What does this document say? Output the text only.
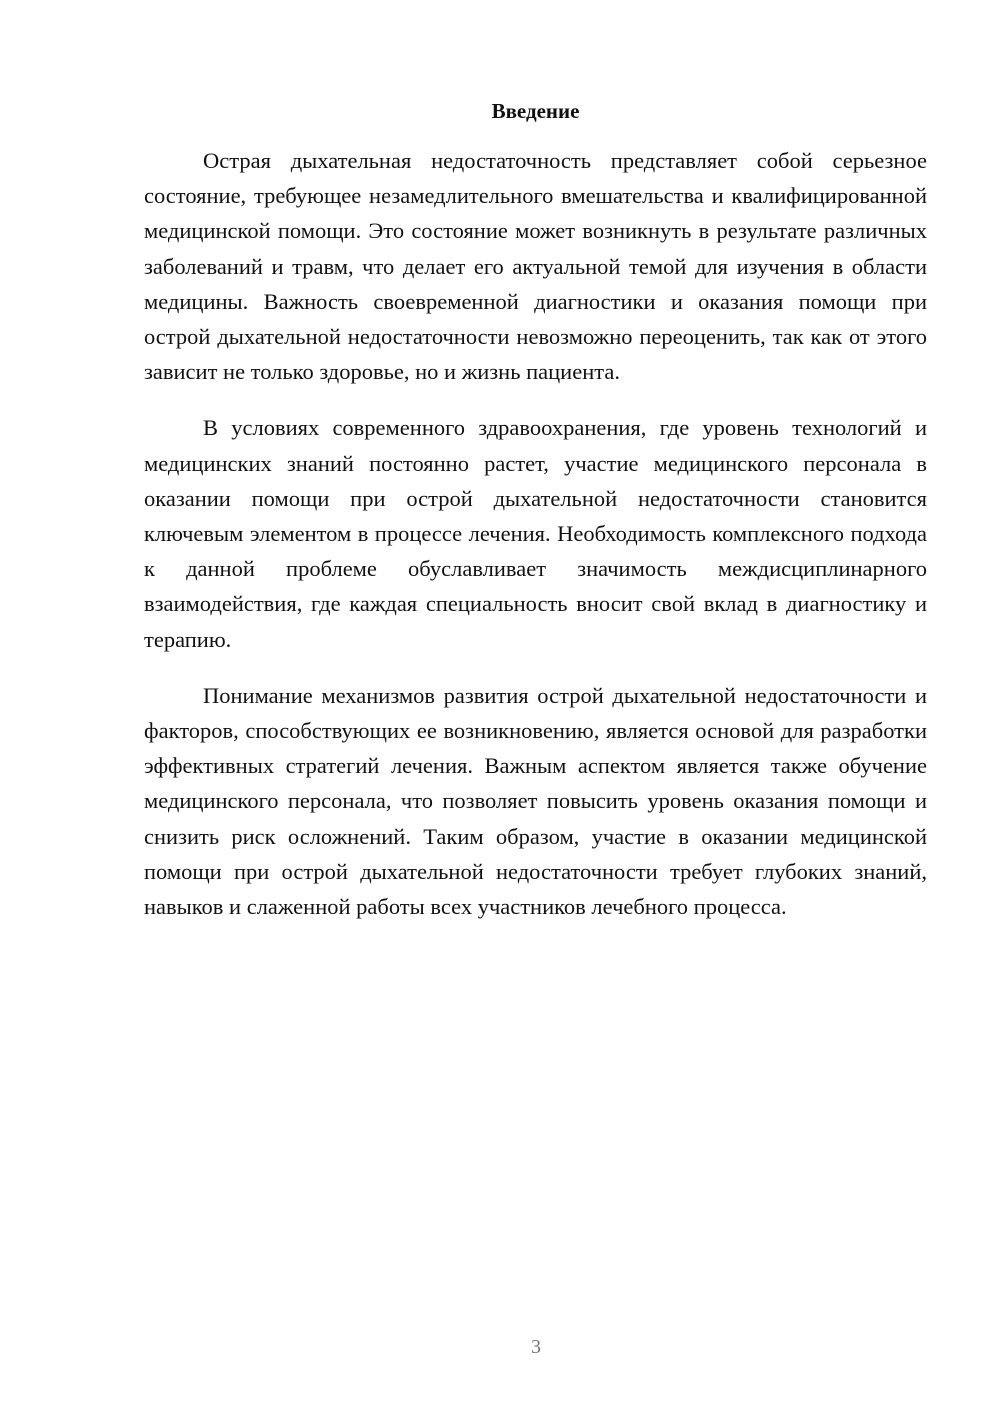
Введение

Острая дыхательная недостаточность представляет собой серьезное состояние, требующее незамедлительного вмешательства и квалифицированной медицинской помощи. Это состояние может возникнуть в результате различных заболеваний и травм, что делает его актуальной темой для изучения в области медицины. Важность своевременной диагностики и оказания помощи при острой дыхательной недостаточности невозможно переоценить, так как от этого зависит не только здоровье, но и жизнь пациента.

В условиях современного здравоохранения, где уровень технологий и медицинских знаний постоянно растет, участие медицинского персонала в оказании помощи при острой дыхательной недостаточности становится ключевым элементом в процессе лечения. Необходимость комплексного подхода к данной проблеме обуславливает значимость междисциплинарного взаимодействия, где каждая специальность вносит свой вклад в диагностику и терапию.

Понимание механизмов развития острой дыхательной недостаточности и факторов, способствующих ее возникновению, является основой для разработки эффективных стратегий лечения. Важным аспектом является также обучение медицинского персонала, что позволяет повысить уровень оказания помощи и снизить риск осложнений. Таким образом, участие в оказании медицинской помощи при острой дыхательной недостаточности требует глубоких знаний, навыков и слаженной работы всех участников лечебного процесса.

3
